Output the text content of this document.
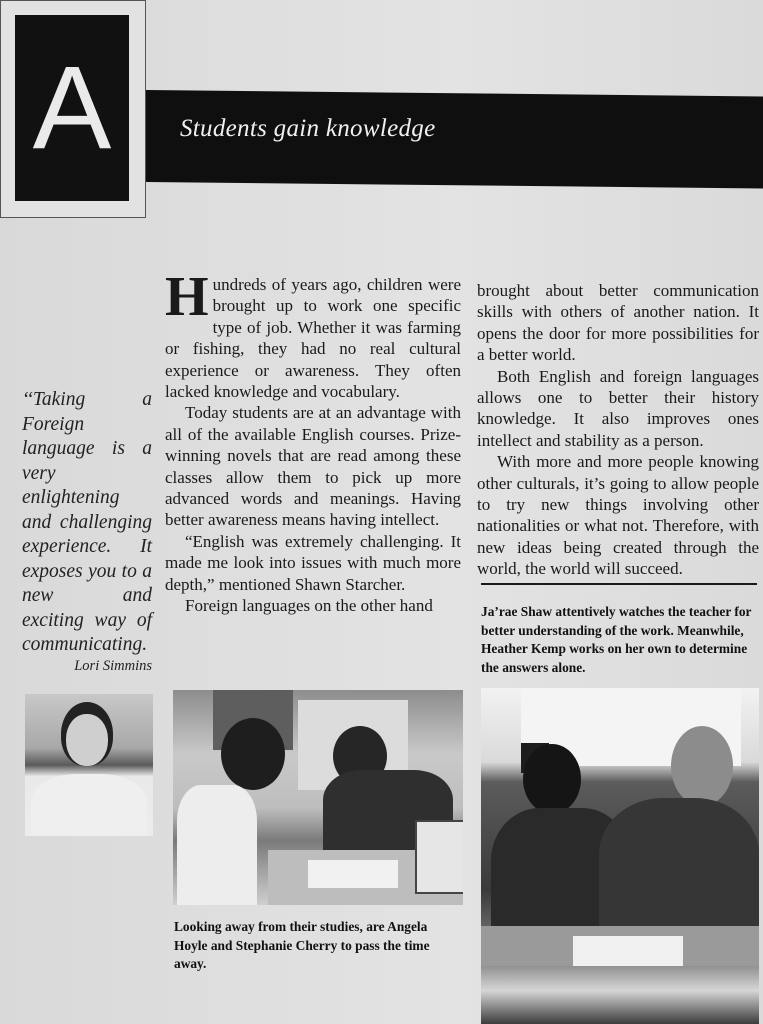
A	Students gain knowledge
‘‘Taking a Foreign language is a very enlightening and challenging experience. It exposes you to a new and exciting way of communicating.
Lori Simmins

Hundreds of years ago, children were brought up to work one specific type of job. Whether it was farming or fishing, they had no real cultural experience or awareness. They often lacked knowledge and vocabulary.

Today students are at an advantage with all of the available English courses. Prize-winning novels that are read among these classes allow them to pick up more advanced words and meanings. Having better awareness means having intellect.

“English was extremely challenging. It made me look into issues with much more depth,” mentioned Shawn Starcher.

Foreign languages on the other hand

brought about better communication skills with others of another nation. It opens the door for more possibilities for a better world.

Both English and foreign languages allows one to better their history knowledge. It also improves ones intellect and stability as a person.

With more and more people knowing other culturals, it’s going to allow people to try new things involving other nationalities or what not. Therefore, with new ideas being created through the world, the world will succeed.

Ja’rae Shaw attentively watches the teacher for better understanding of the work. Meanwhile, Heather Kemp works on her own to determine the answers alone.
Looking away from their studies, are Angela Hoyle and Stephanie Cherry to pass the time away.
